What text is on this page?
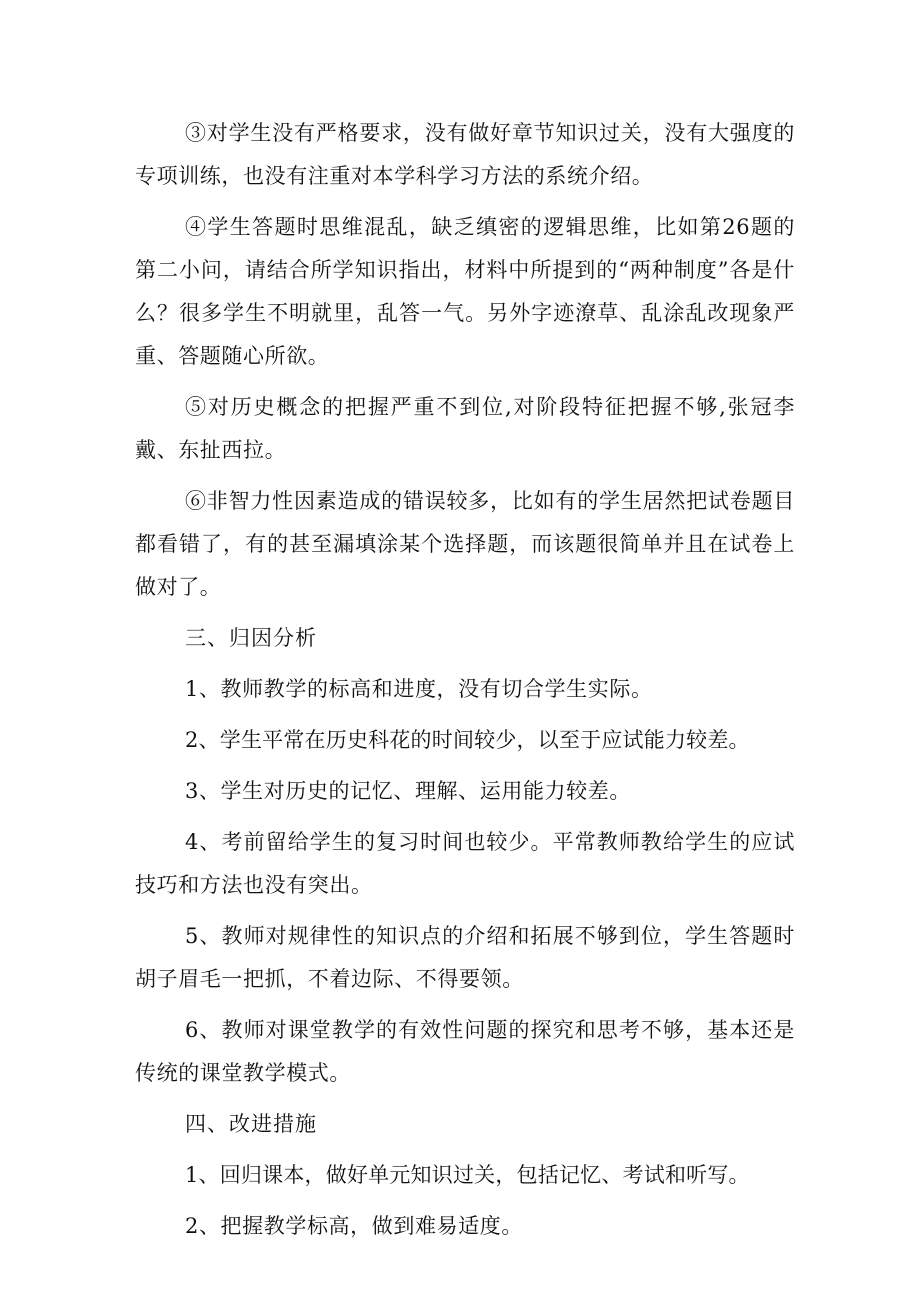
③对学生没有严格要求，没有做好章节知识过关，没有大强度的专项训练，也没有注重对本学科学习方法的系统介绍。

④学生答题时思维混乱，缺乏缜密的逻辑思维，比如第26题的第二小问，请结合所学知识指出，材料中所提到的“两种制度”各是什么？很多学生不明就里，乱答一气。另外字迹潦草、乱涂乱改现象严重、答题随心所欲。

⑤对历史概念的把握严重不到位,对阶段特征把握不够,张冠李戴、东扯西拉。

⑥非智力性因素造成的错误较多，比如有的学生居然把试卷题目都看错了，有的甚至漏填涂某个选择题，而该题很简单并且在试卷上做对了。

三、归因分析

1、教师教学的标高和进度，没有切合学生实际。

2、学生平常在历史科花的时间较少，以至于应试能力较差。

3、学生对历史的记忆、理解、运用能力较差。

4、考前留给学生的复习时间也较少。平常教师教给学生的应试技巧和方法也没有突出。

5、教师对规律性的知识点的介绍和拓展不够到位，学生答题时胡子眉毛一把抓，不着边际、不得要领。

6、教师对课堂教学的有效性问题的探究和思考不够，基本还是传统的课堂教学模式。

四、改进措施

1、回归课本，做好单元知识过关，包括记忆、考试和听写。

2、把握教学标高，做到难易适度。
